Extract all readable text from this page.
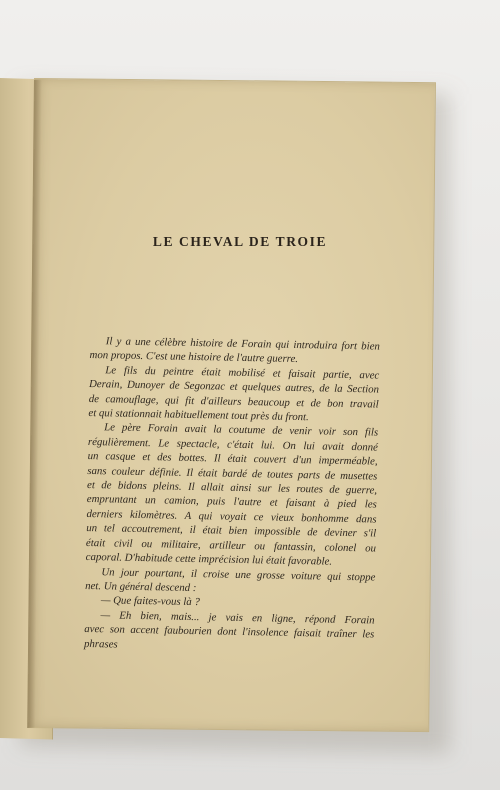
LE CHEVAL DE TROIE
Il y a une célèbre histoire de Forain qui introduira fort bien
mon propos. C'est une histoire de l'autre guerre.
Le fils du peintre était mobilisé et faisait partie, avec
Derain, Dunoyer de Segonzac et quelques autres, de la Section
de camouflage, qui fit d'ailleurs beaucoup et de bon travail
et qui stationnait habituellement tout près du front.
Le père Forain avait la coutume de venir voir son fils
régulièrement. Le spectacle, c'était lui. On lui avait donné
un casque et des bottes. Il était couvert d'un imperméable,
sans couleur définie. Il était bardé de toutes parts de musettes
et de bidons pleins. Il allait ainsi sur les routes de guerre,
empruntant un camion, puis l'autre et faisant à pied les
derniers kilomètres. A qui voyait ce vieux bonhomme dans
un tel accoutrement, il était bien impossible de deviner s'il
était civil ou militaire, artilleur ou fantassin, colonel ou
caporal. D'habitude cette imprécision lui était favorable.
Un jour pourtant, il croise une grosse voiture qui stoppe
net. Un général descend :
— Que faites-vous là ?
— Eh bien, mais... je vais en ligne, répond Forain
avec son accent faubourien dont l'insolence faisait traîner les
phrases
